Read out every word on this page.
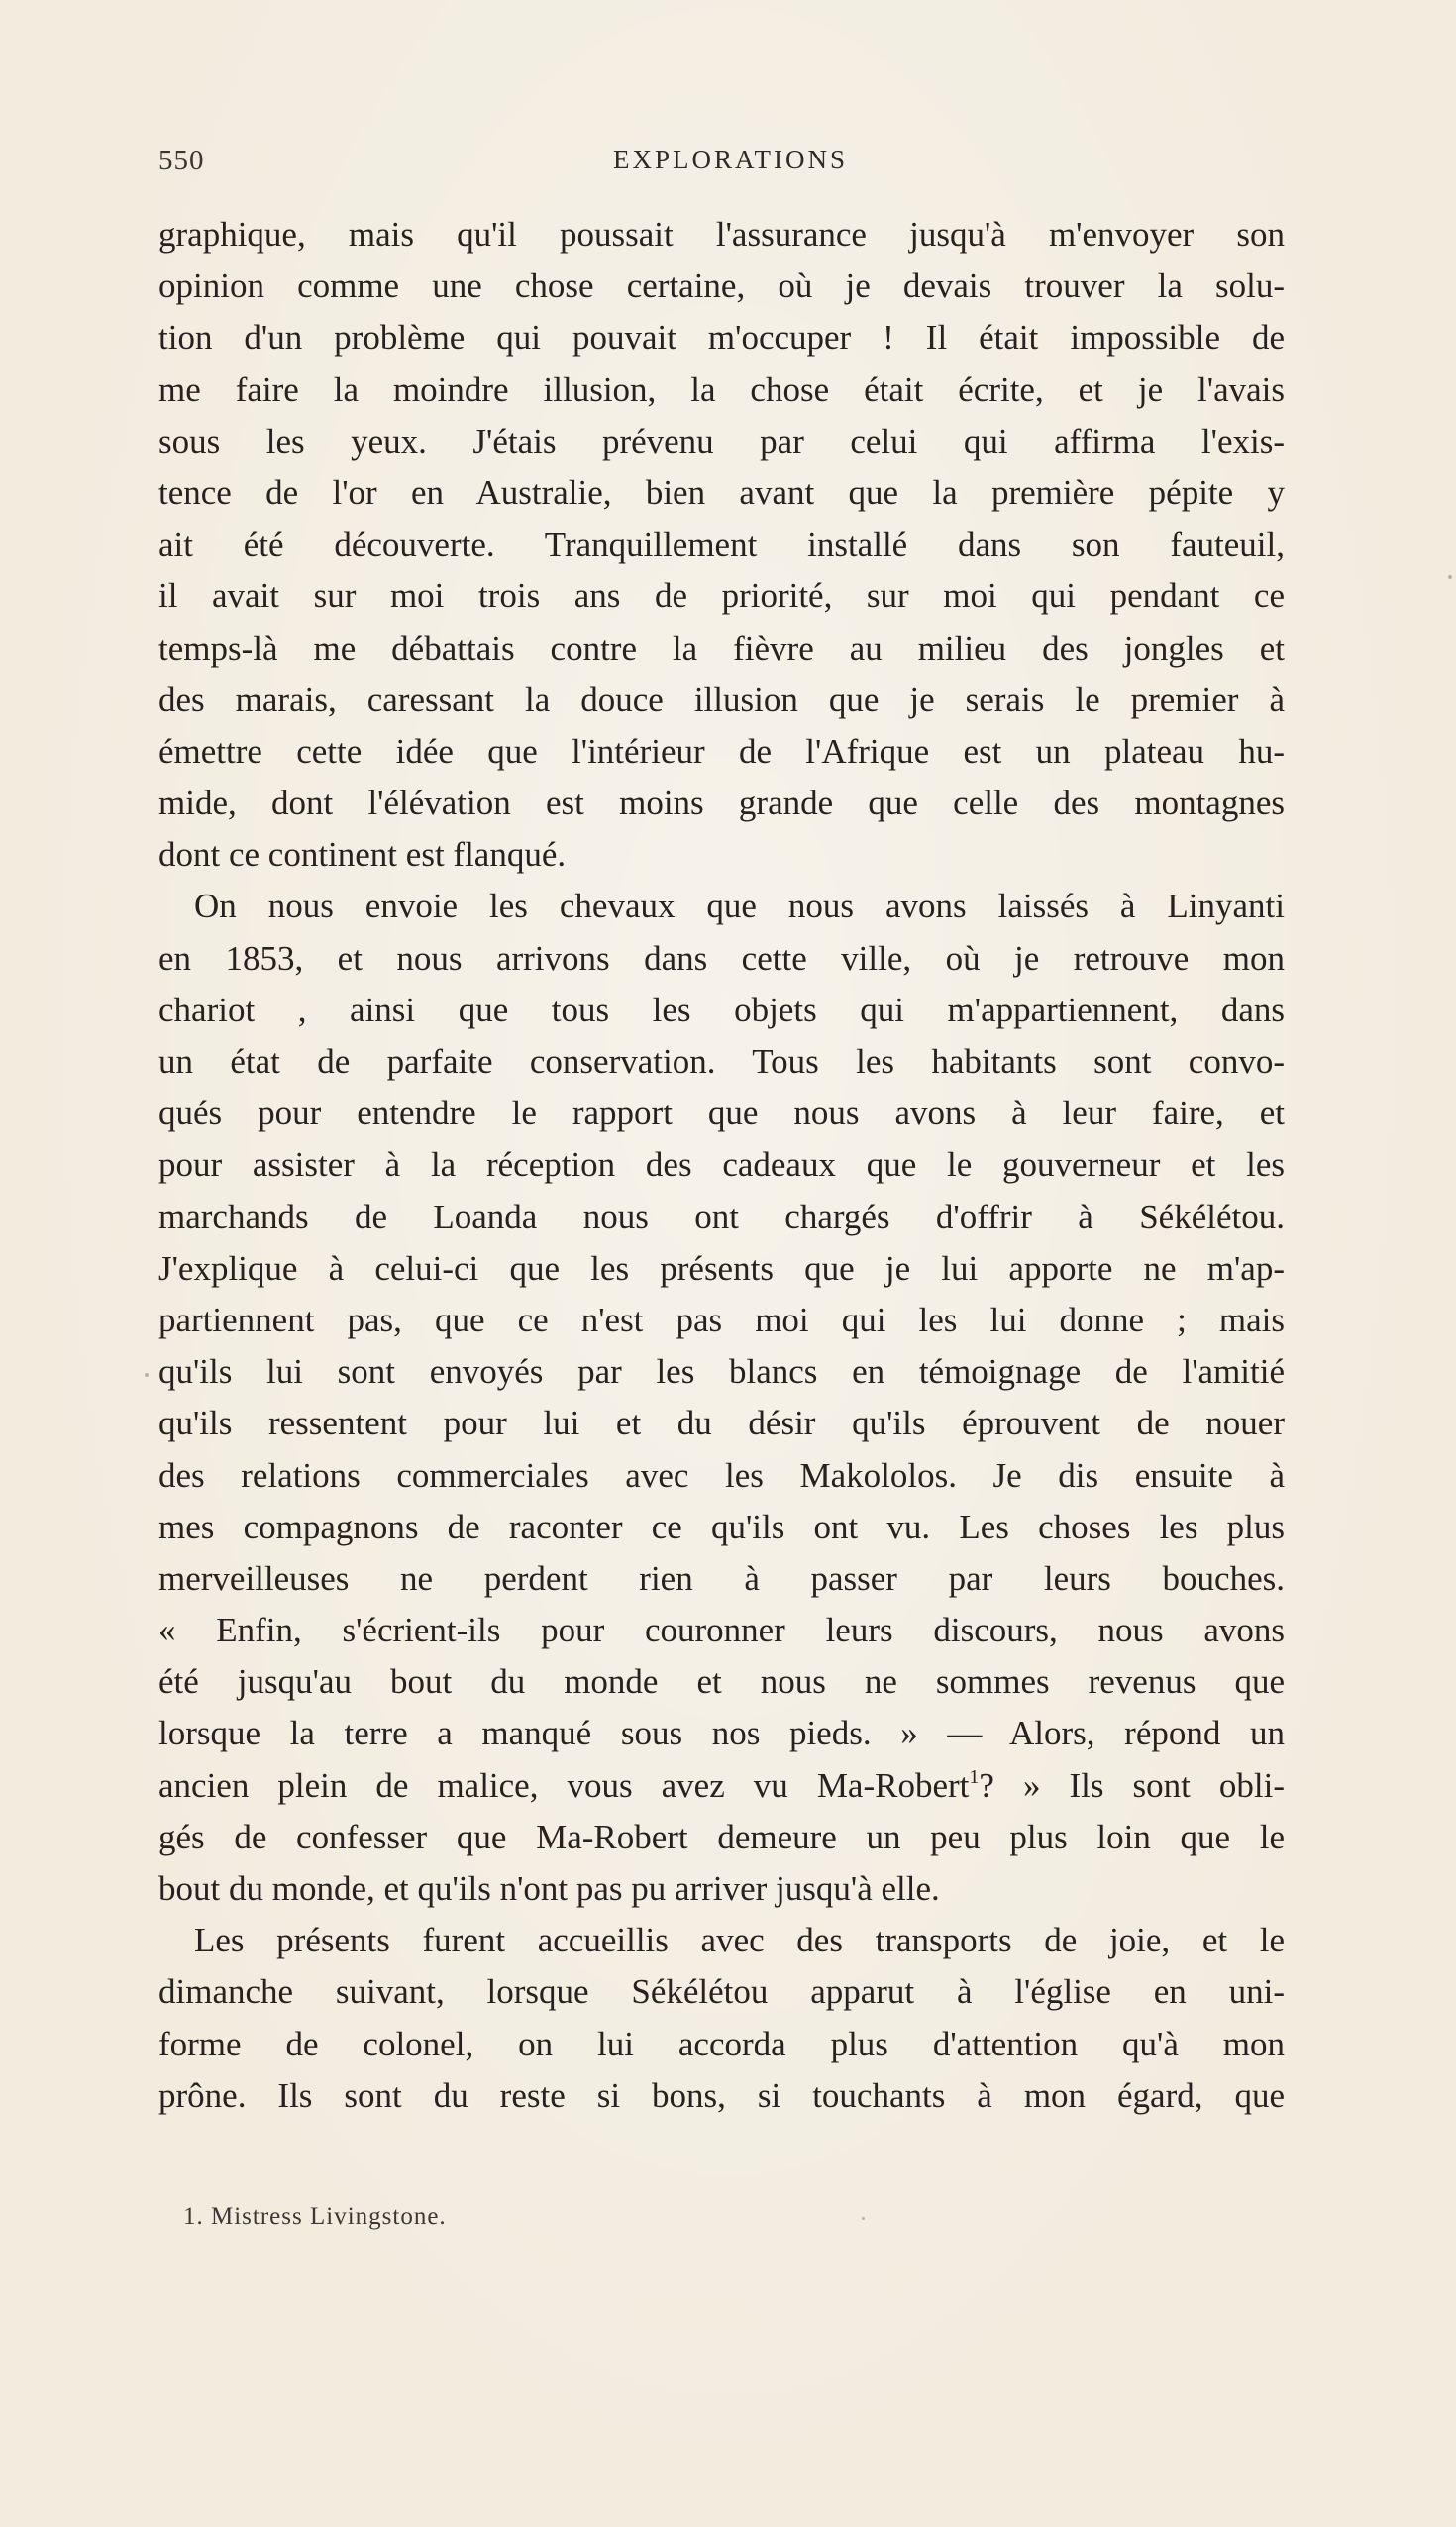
550	EXPLORATIONS
graphique, mais qu'il poussait l'assurance jusqu'à m'envoyer son
opinion comme une chose certaine, où je devais trouver la solu-
tion d'un problème qui pouvait m'occuper ! Il était impossible de
me faire la moindre illusion, la chose était écrite, et je l'avais
sous les yeux. J'étais prévenu par celui qui affirma l'exis-
tence de l'or en Australie, bien avant que la première pépite y
ait été découverte. Tranquillement installé dans son fauteuil,
il avait sur moi trois ans de priorité, sur moi qui pendant ce
temps-là me débattais contre la fièvre au milieu des jongles et
des marais, caressant la douce illusion que je serais le premier à
émettre cette idée que l'intérieur de l'Afrique est un plateau hu-
mide, dont l'élévation est moins grande que celle des montagnes
dont ce continent est flanqué.
On nous envoie les chevaux que nous avons laissés à Linyanti
en 1853, et nous arrivons dans cette ville, où je retrouve mon
chariot , ainsi que tous les objets qui m'appartiennent, dans
un état de parfaite conservation. Tous les habitants sont convo-
qués pour entendre le rapport que nous avons à leur faire, et
pour assister à la réception des cadeaux que le gouverneur et les
marchands de Loanda nous ont chargés d'offrir à Sékélétou.
J'explique à celui-ci que les présents que je lui apporte ne m'ap-
partiennent pas, que ce n'est pas moi qui les lui donne ; mais
qu'ils lui sont envoyés par les blancs en témoignage de l'amitié
qu'ils ressentent pour lui et du désir qu'ils éprouvent de nouer
des relations commerciales avec les Makololos. Je dis ensuite à
mes compagnons de raconter ce qu'ils ont vu. Les choses les plus
merveilleuses ne perdent rien à passer par leurs bouches.
« Enfin, s'écrient-ils pour couronner leurs discours, nous avons
été jusqu'au bout du monde et nous ne sommes revenus que
lorsque la terre a manqué sous nos pieds. » — Alors, répond un
ancien plein de malice, vous avez vu Ma-Robert$^1$? » Ils sont obli-
gés de confesser que Ma-Robert demeure un peu plus loin que le
bout du monde, et qu'ils n'ont pas pu arriver jusqu'à elle.
Les présents furent accueillis avec des transports de joie, et le
dimanche suivant, lorsque Sékélétou apparut à l'église en uni-
forme de colonel, on lui accorda plus d'attention qu'à mon
prône. Ils sont du reste si bons, si touchants à mon égard, que
1. Mistress Livingstone.
